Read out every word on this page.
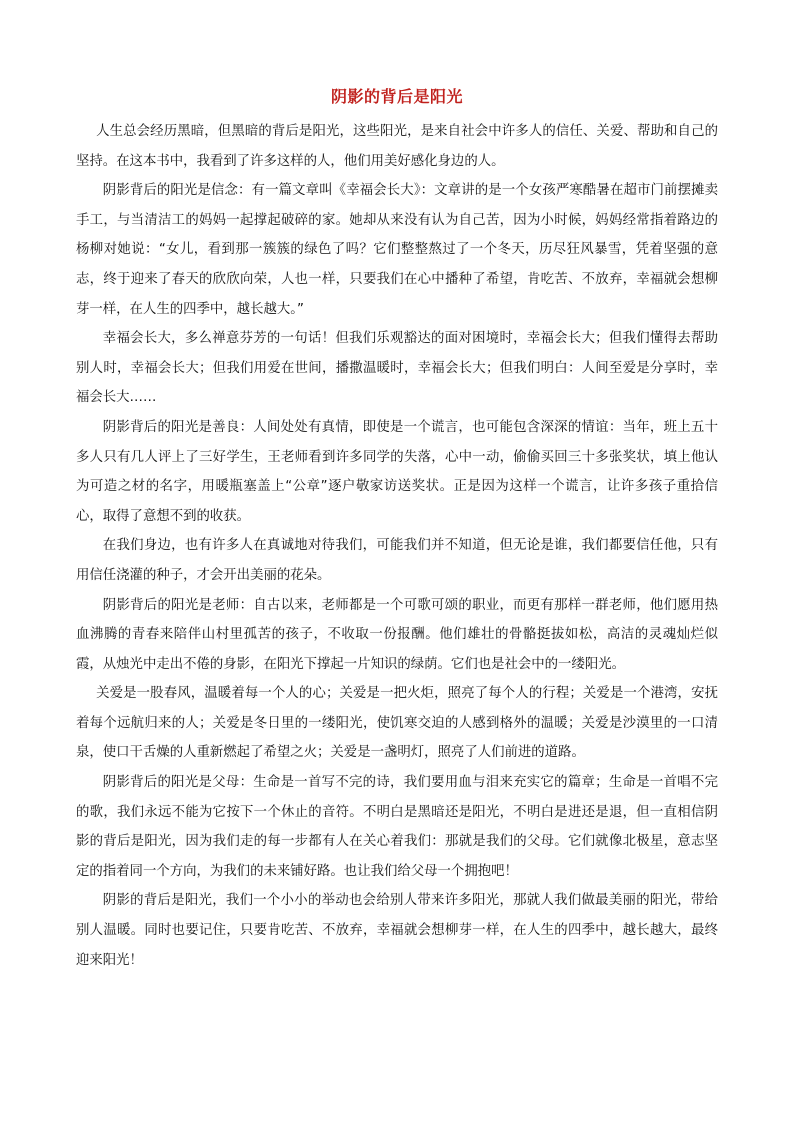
阴影的背后是阳光

人生总会经历黑暗，但黑暗的背后是阳光，这些阳光，是来自社会中许多人的信任、关爱、帮助和自己的坚持。在这本书中，我看到了许多这样的人，他们用美好感化身边的人。

阴影背后的阳光是信念：有一篇文章叫《幸福会长大》：文章讲的是一个女孩严寒酷暑在超市门前摆摊卖手工，与当清洁工的妈妈一起撑起破碎的家。她却从来没有认为自己苦，因为小时候，妈妈经常指着路边的杨柳对她说：“女儿，看到那一簇簇的绿色了吗？它们整整熬过了一个冬天，历尽狂风暴雪，凭着坚强的意志，终于迎来了春天的欣欣向荣，人也一样，只要我们在心中播种了希望，肯吃苦、不放弃，幸福就会想柳芽一样，在人生的四季中，越长越大。”

幸福会长大，多么禅意芬芳的一句话！但我们乐观豁达的面对困境时，幸福会长大；但我们懂得去帮助别人时，幸福会长大；但我们用爱在世间，播撒温暖时，幸福会长大；但我们明白：人间至爱是分享时，幸福会长大……

阴影背后的阳光是善良：人间处处有真情，即使是一个谎言，也可能包含深深的情谊：当年，班上五十多人只有几人评上了三好学生，王老师看到许多同学的失落，心中一动，偷偷买回三十多张奖状，填上他认为可造之材的名字，用暖瓶塞盖上“公章”逐户敬家访送奖状。正是因为这样一个谎言，让许多孩子重拾信心，取得了意想不到的收获。

在我们身边，也有许多人在真诚地对待我们，可能我们并不知道，但无论是谁，我们都要信任他，只有用信任浇灌的种子，才会开出美丽的花朵。

阴影背后的阳光是老师：自古以来，老师都是一个可歌可颂的职业，而更有那样一群老师，他们愿用热血沸腾的青春来陪伴山村里孤苦的孩子，不收取一份报酬。他们雄壮的骨骼挺拔如松，高洁的灵魂灿烂似霞，从烛光中走出不倦的身影，在阳光下撑起一片知识的绿荫。它们也是社会中的一缕阳光。

关爱是一股春风，温暖着每一个人的心；关爱是一把火炬，照亮了每个人的行程；关爱是一个港湾，安抚着每个远航归来的人；关爱是冬日里的一缕阳光，使饥寒交迫的人感到格外的温暖；关爱是沙漠里的一口清泉，使口干舌燥的人重新燃起了希望之火；关爱是一盏明灯，照亮了人们前进的道路。

阴影背后的阳光是父母：生命是一首写不完的诗，我们要用血与泪来充实它的篇章；生命是一首唱不完的歌，我们永远不能为它按下一个休止的音符。不明白是黑暗还是阳光，不明白是进还是退，但一直相信阴影的背后是阳光，因为我们走的每一步都有人在关心着我们：那就是我们的父母。它们就像北极星，意志坚定的指着同一个方向，为我们的未来铺好路。也让我们给父母一个拥抱吧！

阴影的背后是阳光，我们一个小小的举动也会给别人带来许多阳光，那就人我们做最美丽的阳光，带给别人温暖。同时也要记住，只要肯吃苦、不放弃，幸福就会想柳芽一样，在人生的四季中，越长越大，最终迎来阳光！
